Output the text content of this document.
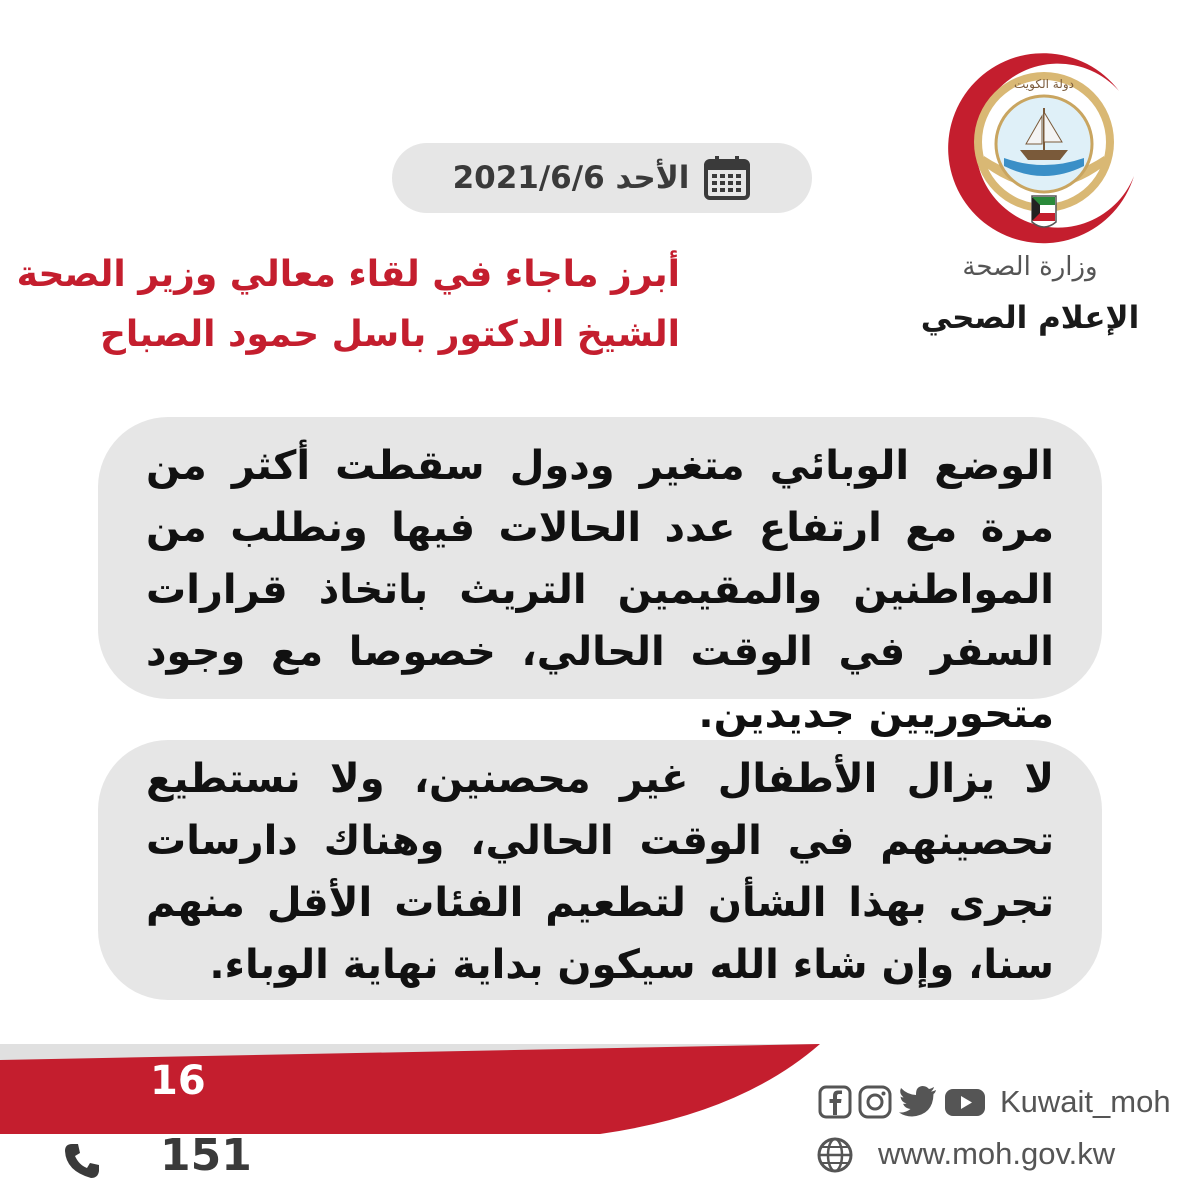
دولة الكويت
وزارة الصحة
الإعلام الصحي
الأحد 2021/6/6
أبرز ماجاء في لقاء معالي وزير الصحة
الشيخ الدكتور باسل حمود الصباح

الوضع الوبائي متغير ودول سقطت أكثر من مرة مع ارتفاع عدد الحالات فيها ونطلب من المواطنين والمقيمين التريث باتخاذ قرارات السفر في الوقت الحالي، خصوصا مع وجود متحوريين جديدين.

لا يزال الأطفال غير محصنين، ولا نستطيع تحصينهم في الوقت الحالي، وهناك دارسات تجرى بهذا الشأن لتطعيم الفئات الأقل منهم سنا، وإن شاء الله سيكون بداية نهاية الوباء.

16
151
Kuwait_moh
www.moh.gov.kw
